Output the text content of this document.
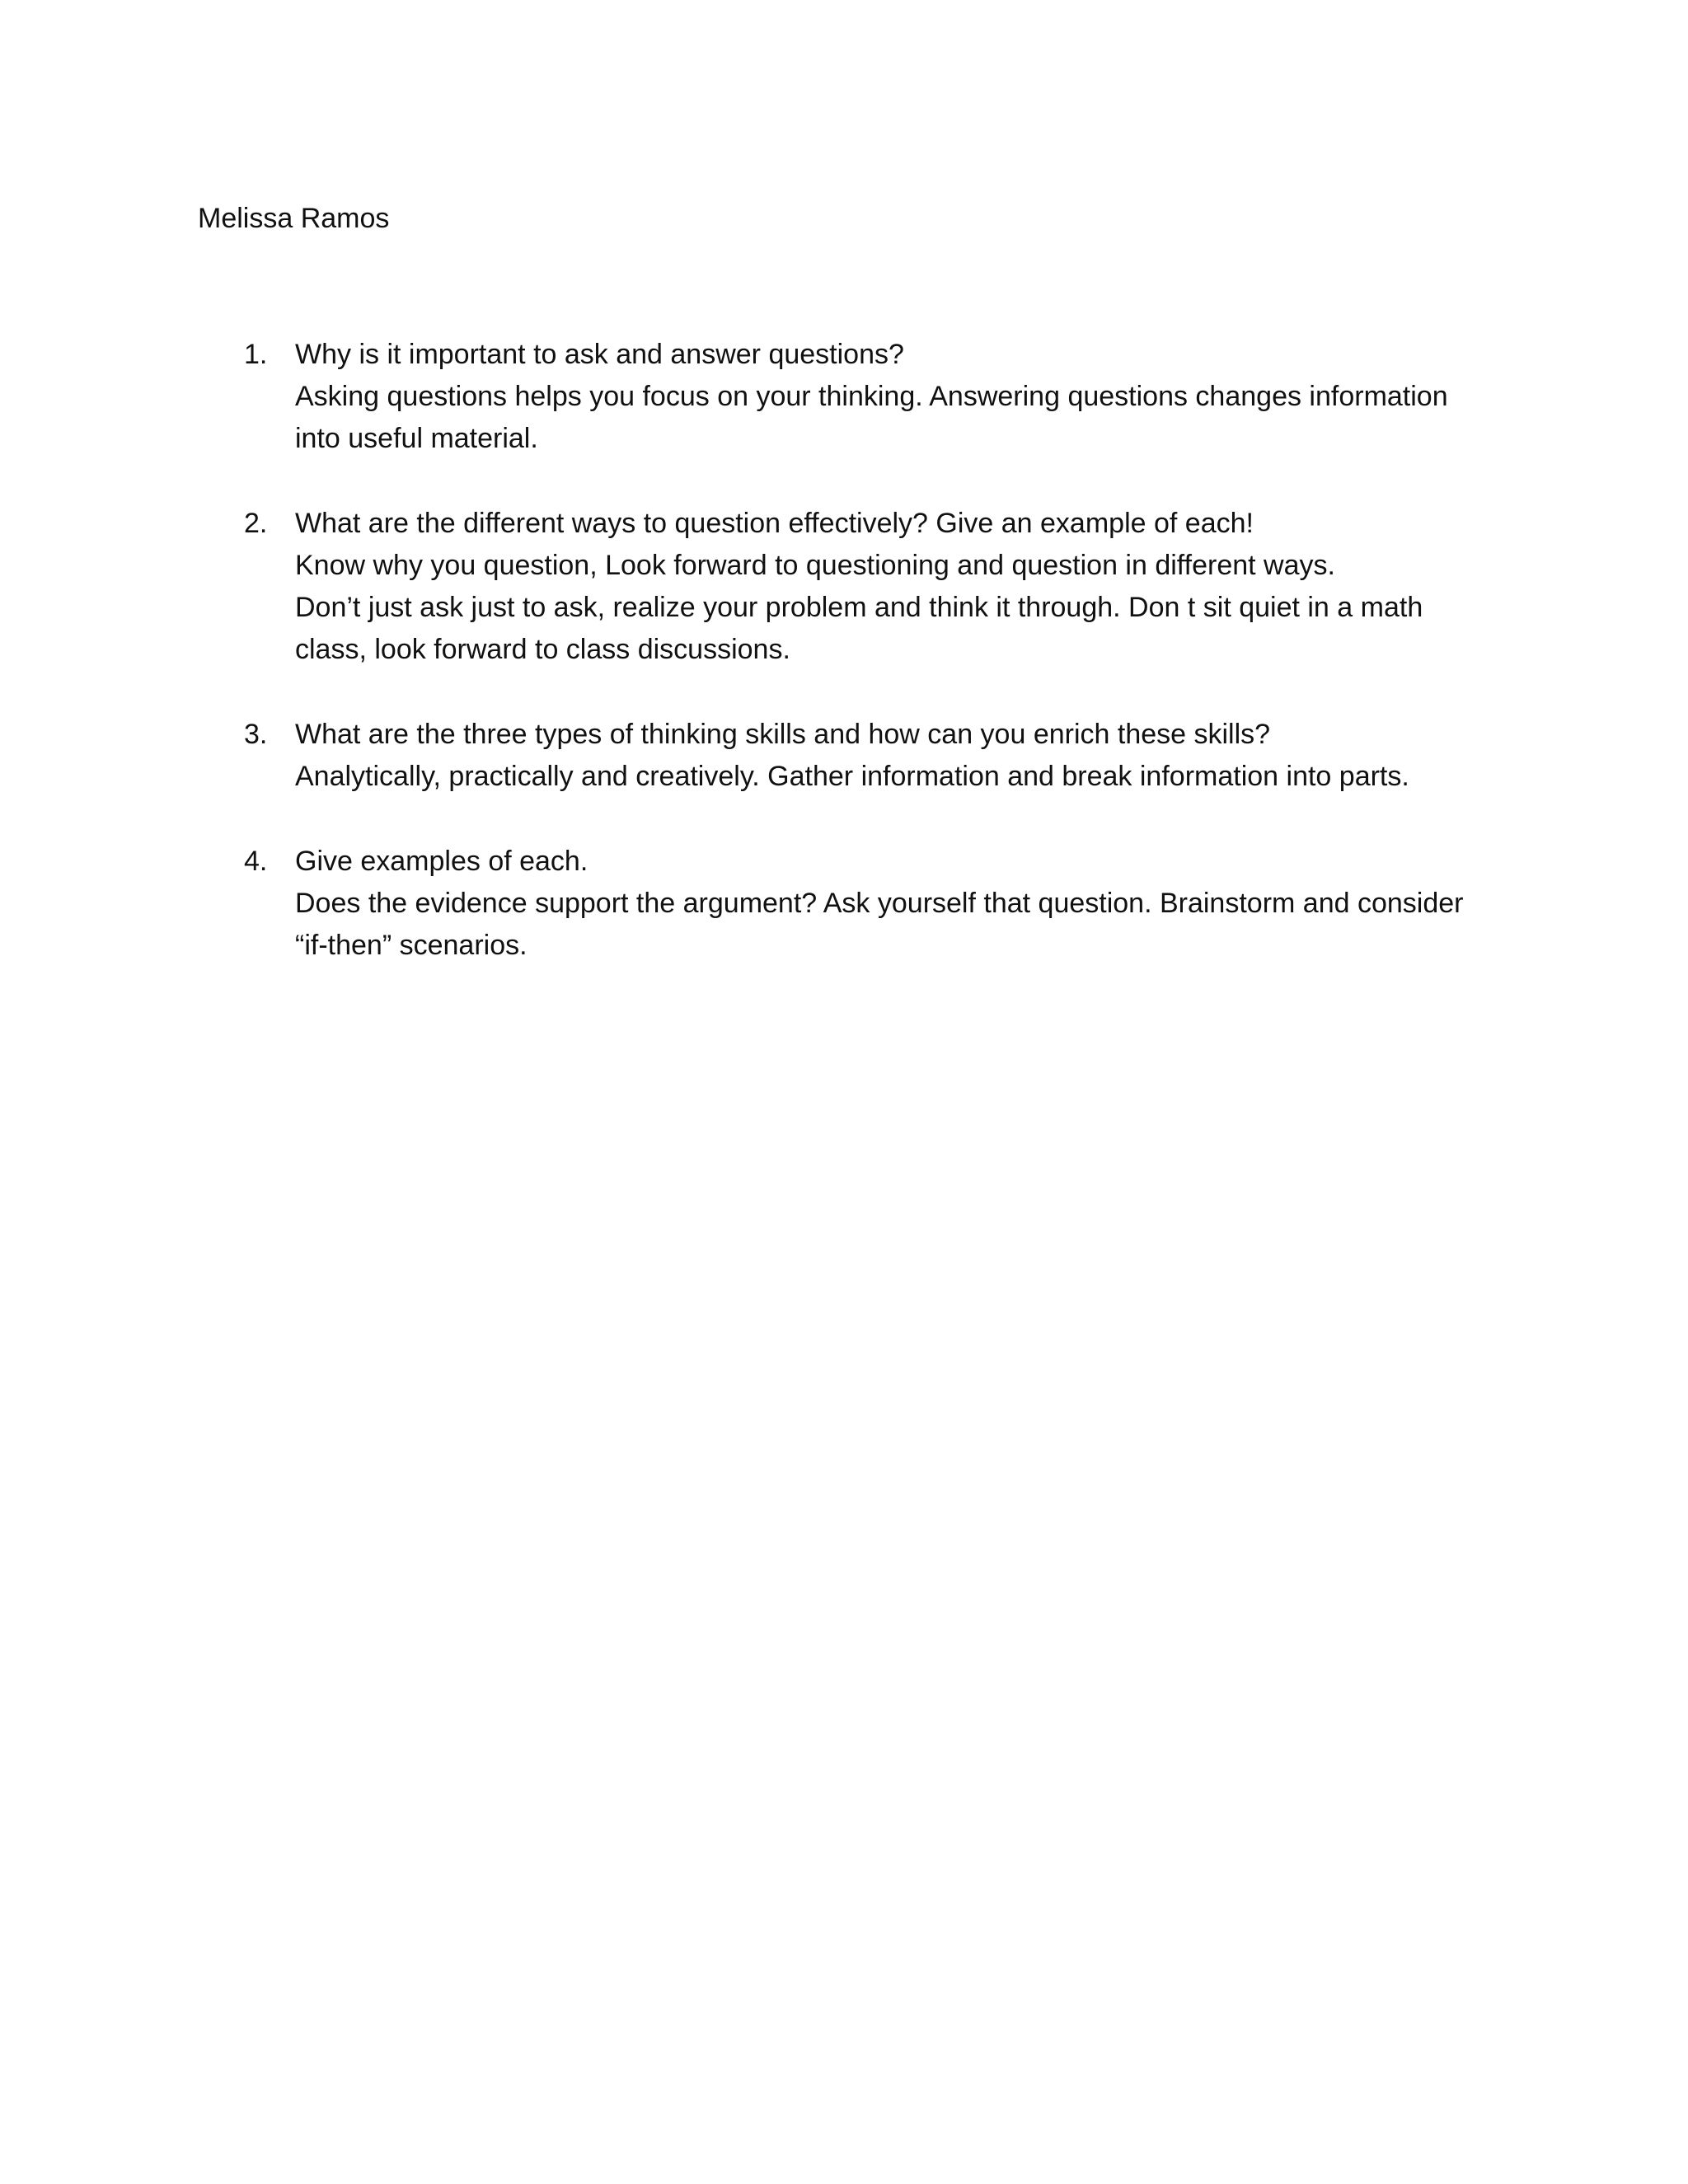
Melissa Ramos
1. Why is it important to ask and answer questions?
Asking questions helps you focus on your thinking. Answering questions changes information
into useful material.
2. What are the different ways to question effectively? Give an example of each!
Know why you question, Look forward to questioning and question in different ways.
Don’t just ask just to ask, realize your problem and think it through. Don t sit quiet in a math
class, look forward to class discussions.
3. What are the three types of thinking skills and how can you enrich these skills?
Analytically, practically and creatively. Gather information and break information into parts.
4. Give examples of each.
Does the evidence support the argument? Ask yourself that question. Brainstorm and consider
“if-then” scenarios.
